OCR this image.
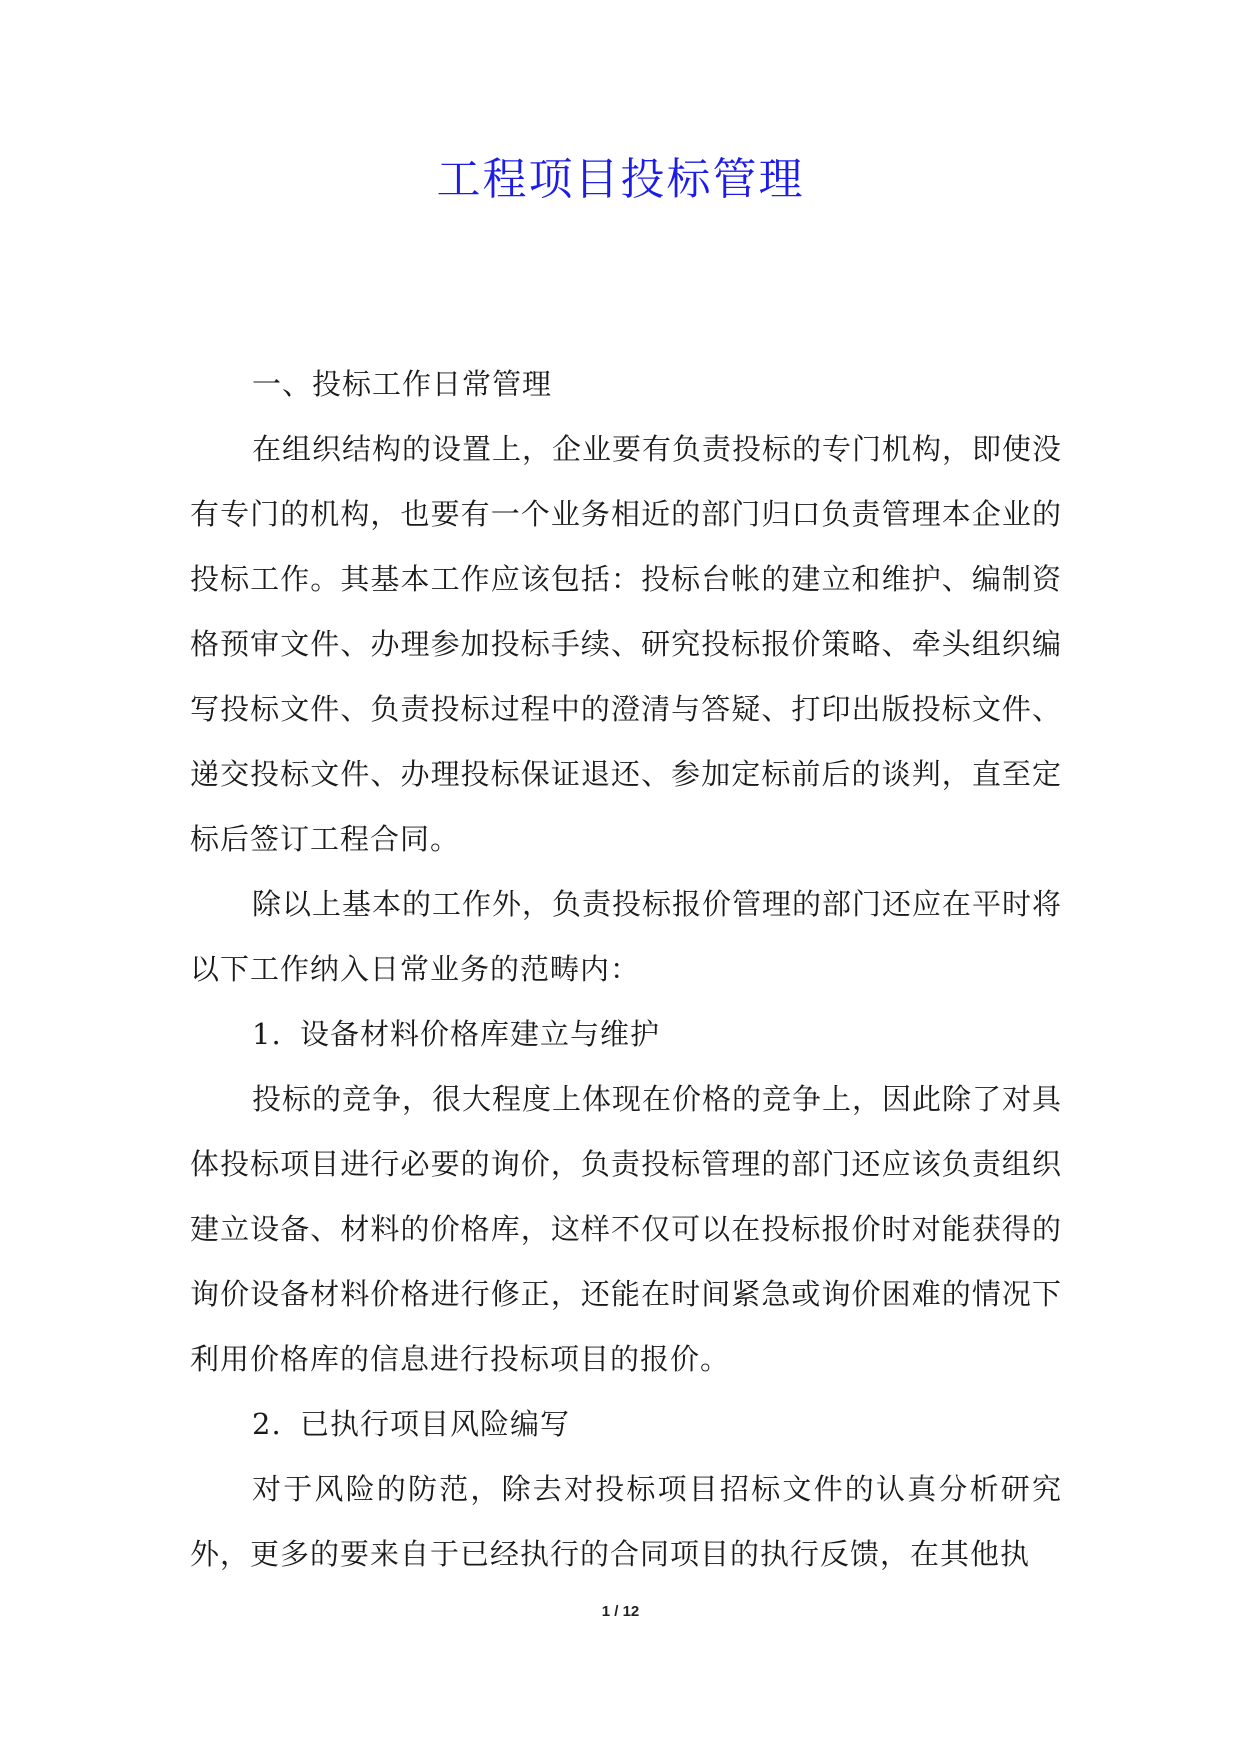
工程项目投标管理

一、投标工作日常管理

在组织结构的设置上，企业要有负责投标的专门机构，即使没有专门的机构，也要有一个业务相近的部门归口负责管理本企业的投标工作。其基本工作应该包括：投标台帐的建立和维护、编制资格预审文件、办理参加投标手续、研究投标报价策略、牵头组织编写投标文件、负责投标过程中的澄清与答疑、打印出版投标文件、递交投标文件、办理投标保证退还、参加定标前后的谈判，直至定标后签订工程合同。

除以上基本的工作外，负责投标报价管理的部门还应在平时将以下工作纳入日常业务的范畴内：

1. 设备材料价格库建立与维护

投标的竞争，很大程度上体现在价格的竞争上，因此除了对具体投标项目进行必要的询价，负责投标管理的部门还应该负责组织建立设备、材料的价格库，这样不仅可以在投标报价时对能获得的询价设备材料价格进行修正，还能在时间紧急或询价困难的情况下利用价格库的信息进行投标项目的报价。

2. 已执行项目风险编写

对于风险的防范，除去对投标项目招标文件的认真分析研究外，更多的要来自于已经执行的合同项目的执行反馈，在其他执

1 / 12
